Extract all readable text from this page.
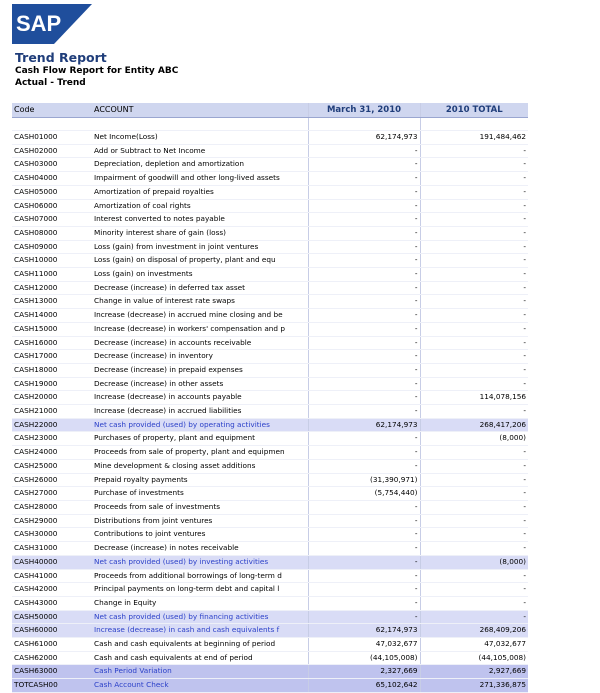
SAP
Trend Report
Cash Flow Report for Entity ABC
Actual - Trend
Code	ACCOUNT	March 31, 2010	2010 TOTAL

CASH01000	Net Income(Loss)	62,174,973	191,484,462
CASH02000	Add or Subtract to Net Income	-	-
CASH03000	Depreciation, depletion and amortization	-	-
CASH04000	Impairment of goodwill and other long-lived assets	-	-
CASH05000	Amortization of prepaid royalties	-	-
CASH06000	Amortization of coal rights	-	-
CASH07000	Interest converted to notes payable	-	-
CASH08000	Minority interest share of gain (loss)	-	-
CASH09000	Loss (gain) from investment in joint ventures	-	-
CASH10000	Loss (gain) on disposal of property, plant and equ	-	-
CASH11000	Loss (gain) on investments	-	-
CASH12000	Decrease (increase) in deferred tax asset	-	-
CASH13000	Change in value of interest rate swaps	-	-
CASH14000	Increase (decrease) in accrued mine closing and be	-	-
CASH15000	Increase (decrease) in workers' compensation and p	-	-
CASH16000	Decrease (increase) in accounts receivable	-	-
CASH17000	Decrease (increase) in inventory	-	-
CASH18000	Decrease (increase) in prepaid expenses	-	-
CASH19000	Decrease (increase) in other assets	-	-
CASH20000	Increase (decrease) in accounts payable	-	114,078,156
CASH21000	Increase (decrease) in accrued liabilities	-	-
CASH22000	Net cash provided (used) by operating activities	62,174,973	268,417,206
CASH23000	Purchases of property, plant and equipment	-	(8,000)
CASH24000	Proceeds from sale of property, plant and equipmen	-	-
CASH25000	Mine development & closing asset additions	-	-
CASH26000	Prepaid royalty payments	(31,390,971)	-
CASH27000	Purchase of investments	(5,754,440)	-
CASH28000	Proceeds from sale of investments	-	-
CASH29000	Distributions from joint ventures	-	-
CASH30000	Contributions to joint ventures	-	-
CASH31000	Decrease (increase) in notes receivable	-	-
CASH40000	Net cash provided (used) by investing activities	-	(8,000)
CASH41000	Proceeds from additional borrowings of long-term d	-	-
CASH42000	Principal payments on long-term debt and capital l	-	-
CASH43000	Change in Equity	-	-
CASH50000	Net cash provided (used) by financing activities	-	-
CASH60000	Increase (decrease) in cash and cash equivalents f	62,174,973	268,409,206
CASH61000	Cash and cash equivalents at beginning of period	47,032,677	47,032,677
CASH62000	Cash and cash equivalents at end of period	(44,105,008)	(44,105,008)
CASH63000	Cash Period Variation	2,327,669	2,927,669
TOTCASH00	Cash Account Check	65,102,642	271,336,875
